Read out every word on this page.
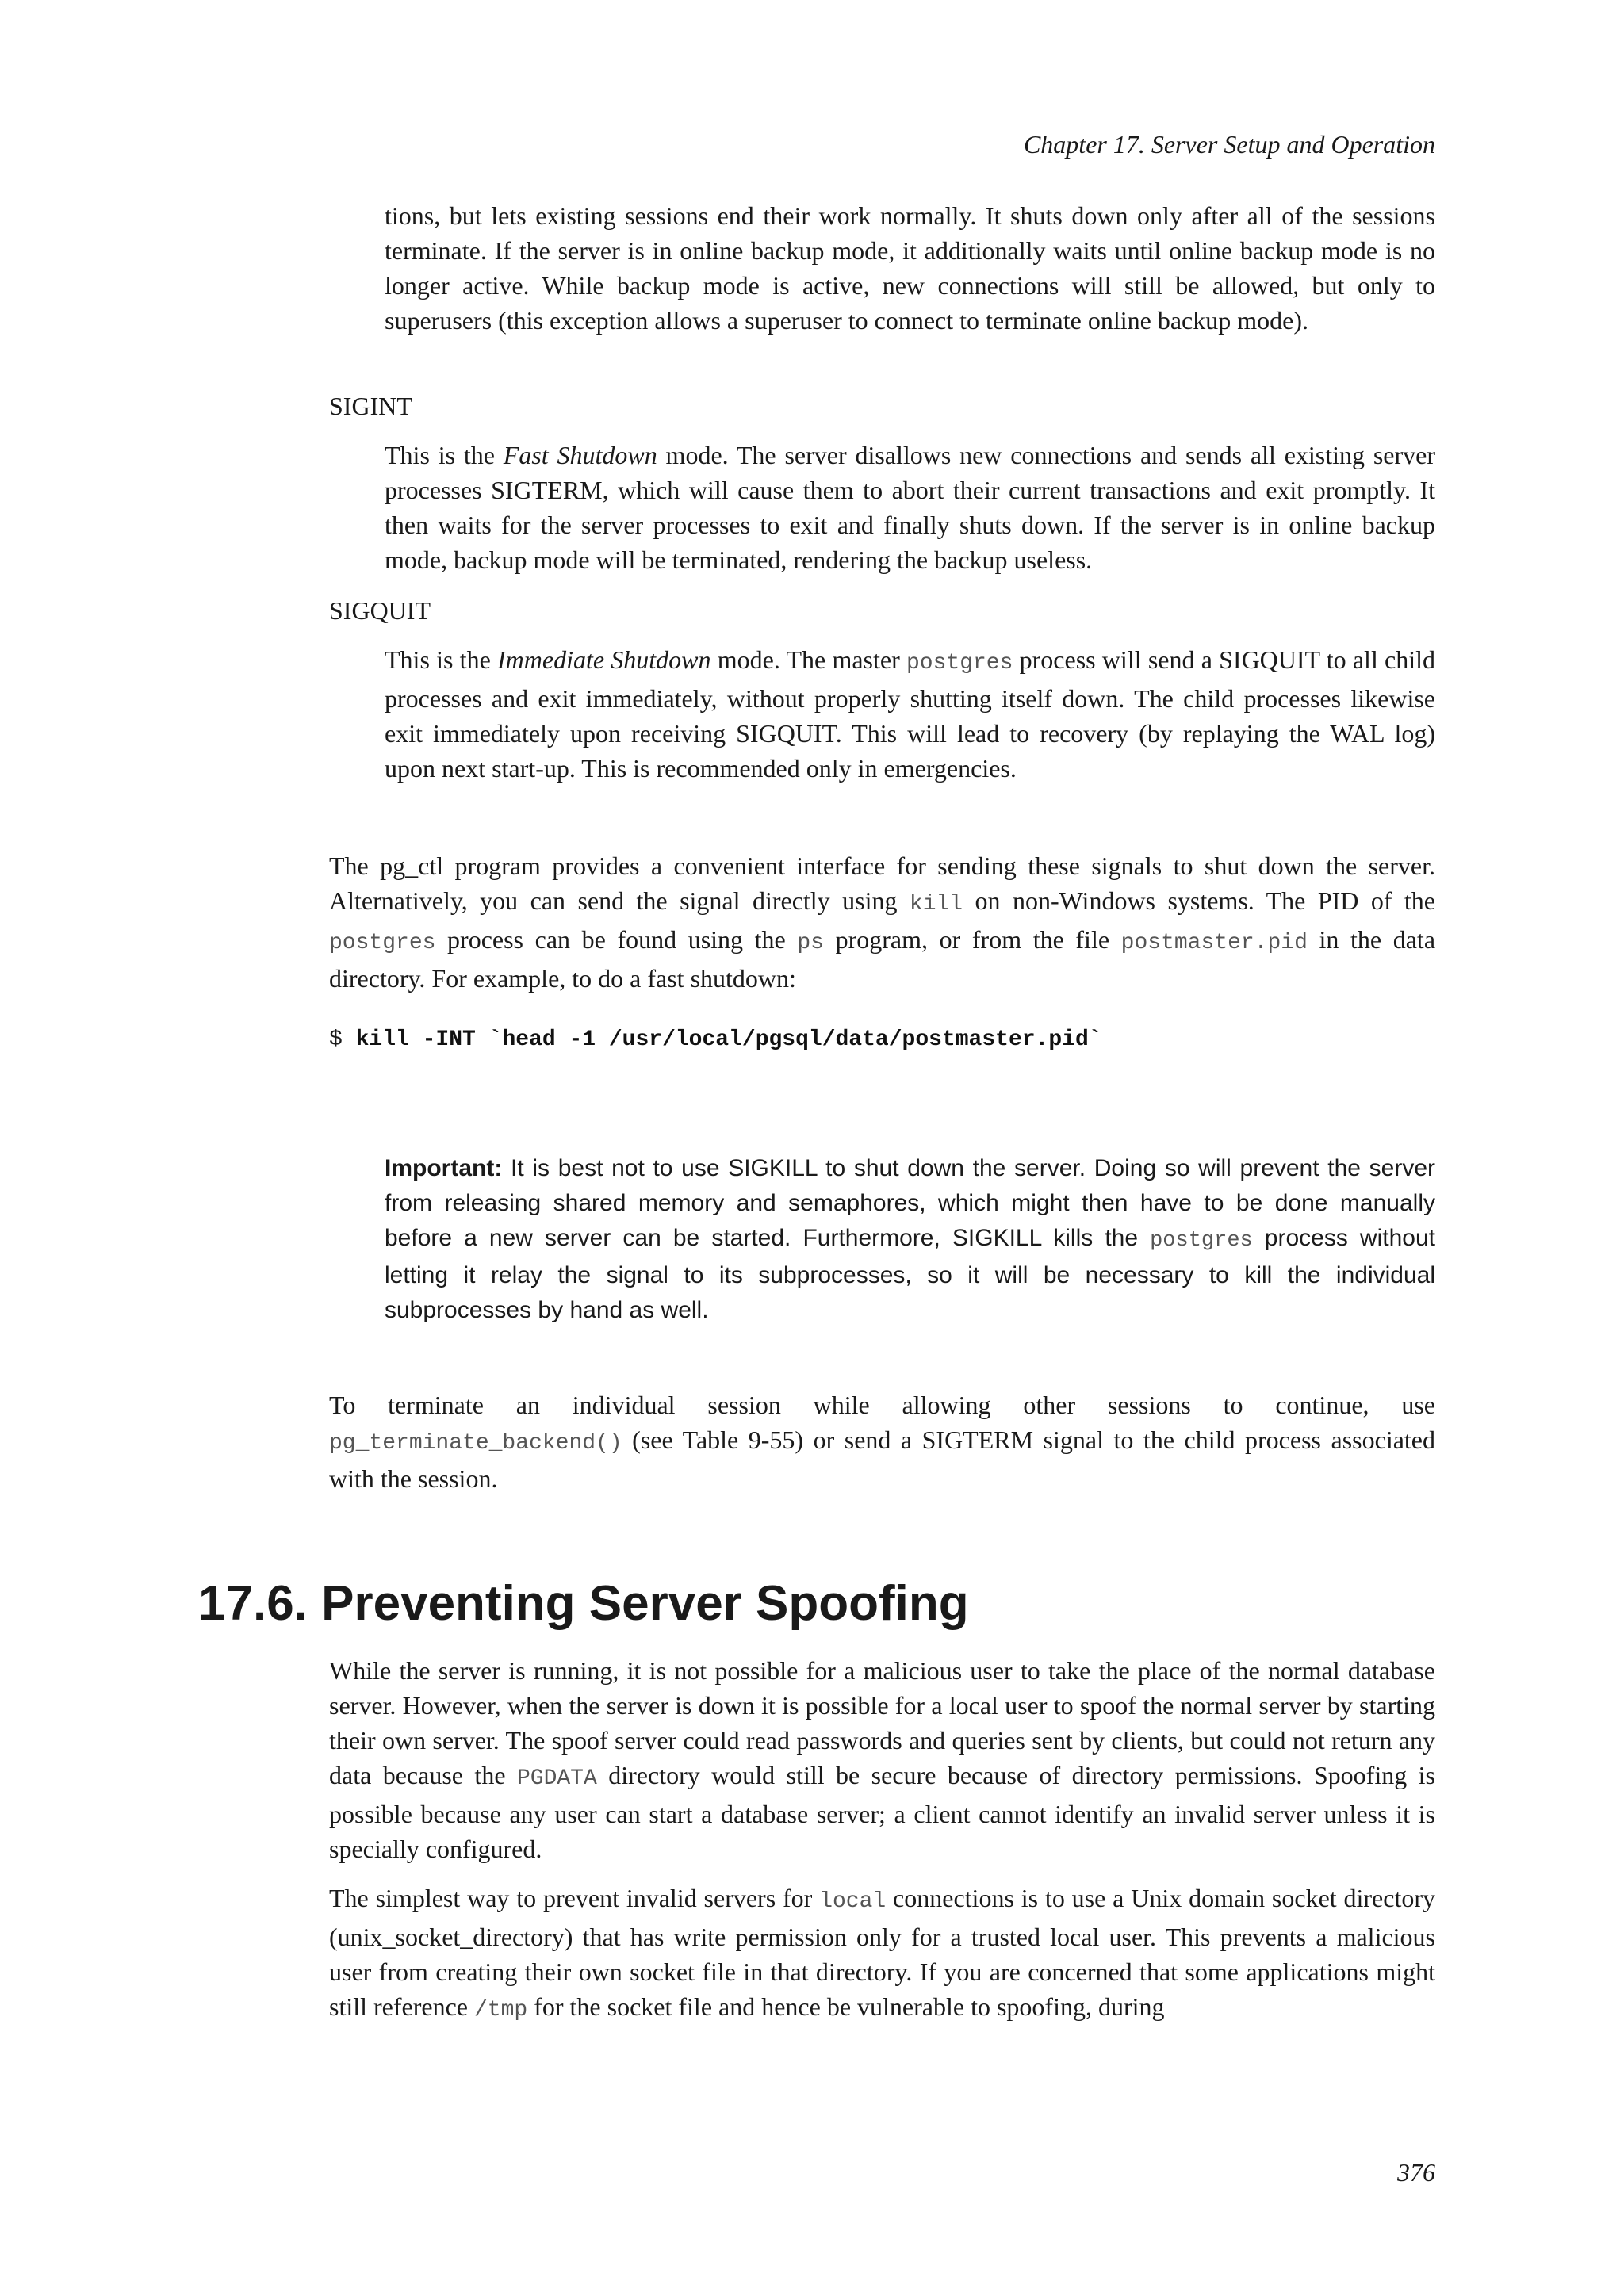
Chapter 17. Server Setup and Operation

tions, but lets existing sessions end their work normally. It shuts down only after all of the sessions terminate. If the server is in online backup mode, it additionally waits until online backup mode is no longer active. While backup mode is active, new connections will still be allowed, but only to superusers (this exception allows a superuser to connect to terminate online backup mode).

SIGINT

This is the Fast Shutdown mode. The server disallows new connections and sends all existing server processes SIGTERM, which will cause them to abort their current transactions and exit promptly. It then waits for the server processes to exit and finally shuts down. If the server is in online backup mode, backup mode will be terminated, rendering the backup useless.

SIGQUIT

This is the Immediate Shutdown mode. The master postgres process will send a SIGQUIT to all child processes and exit immediately, without properly shutting itself down. The child processes likewise exit immediately upon receiving SIGQUIT. This will lead to recovery (by replaying the WAL log) upon next start-up. This is recommended only in emergencies.

The pg_ctl program provides a convenient interface for sending these signals to shut down the server. Alternatively, you can send the signal directly using kill on non-Windows systems. The PID of the postgres process can be found using the ps program, or from the file postmaster.pid in the data directory. For example, to do a fast shutdown:

$ kill -INT `head -1 /usr/local/pgsql/data/postmaster.pid`

Important: It is best not to use SIGKILL to shut down the server. Doing so will prevent the server from releasing shared memory and semaphores, which might then have to be done manually before a new server can be started. Furthermore, SIGKILL kills the postgres process without letting it relay the signal to its subprocesses, so it will be necessary to kill the individual subprocesses by hand as well.

To terminate an individual session while allowing other sessions to continue, use pg_terminate_backend() (see Table 9-55) or send a SIGTERM signal to the child process associated with the session.

17.6. Preventing Server Spoofing

While the server is running, it is not possible for a malicious user to take the place of the normal database server. However, when the server is down it is possible for a local user to spoof the normal server by starting their own server. The spoof server could read passwords and queries sent by clients, but could not return any data because the PGDATA directory would still be secure because of directory permissions. Spoofing is possible because any user can start a database server; a client cannot identify an invalid server unless it is specially configured.

The simplest way to prevent invalid servers for local connections is to use a Unix domain socket directory (unix_socket_directory) that has write permission only for a trusted local user. This prevents a malicious user from creating their own socket file in that directory. If you are concerned that some applications might still reference /tmp for the socket file and hence be vulnerable to spoofing, during

376
